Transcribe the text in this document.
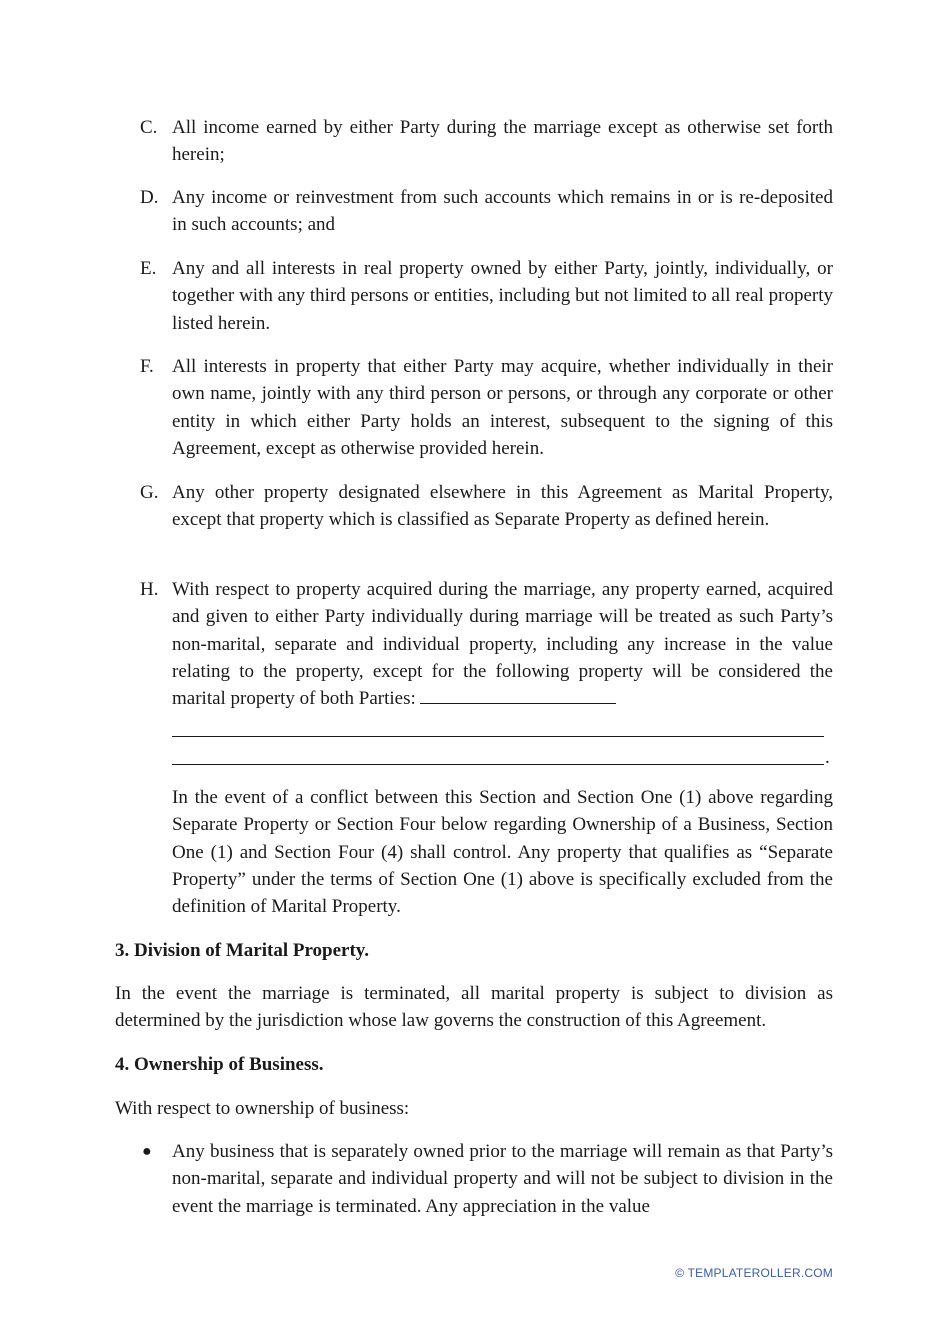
C. All income earned by either Party during the marriage except as otherwise set forth herein;
D. Any income or reinvestment from such accounts which remains in or is re-deposited in such accounts; and
E. Any and all interests in real property owned by either Party, jointly, individually, or together with any third persons or entities, including but not limited to all real property listed herein.
F. All interests in property that either Party may acquire, whether individually in their own name, jointly with any third person or persons, or through any corporate or other entity in which either Party holds an interest, subsequent to the signing of this Agreement, except as otherwise provided herein.
G. Any other property designated elsewhere in this Agreement as Marital Property, except that property which is classified as Separate Property as defined herein.
H. With respect to property acquired during the marriage, any property earned, acquired and given to either Party individually during marriage will be treated as such Party’s non-marital, separate and individual property, including any increase in the value relating to the property, except for the following property will be considered the marital property of both Parties:
.
In the event of a conflict between this Section and Section One (1) above regarding Separate Property or Section Four below regarding Ownership of a Business, Section One (1) and Section Four (4) shall control. Any property that qualifies as “Separate Property” under the terms of Section One (1) above is specifically excluded from the definition of Marital Property.
3. Division of Marital Property.
In the event the marriage is terminated, all marital property is subject to division as determined by the jurisdiction whose law governs the construction of this Agreement.
4. Ownership of Business.
With respect to ownership of business:
● Any business that is separately owned prior to the marriage will remain as that Party’s non-marital, separate and individual property and will not be subject to division in the event the marriage is terminated. Any appreciation in the value
© TEMPLATEROLLER.COM
